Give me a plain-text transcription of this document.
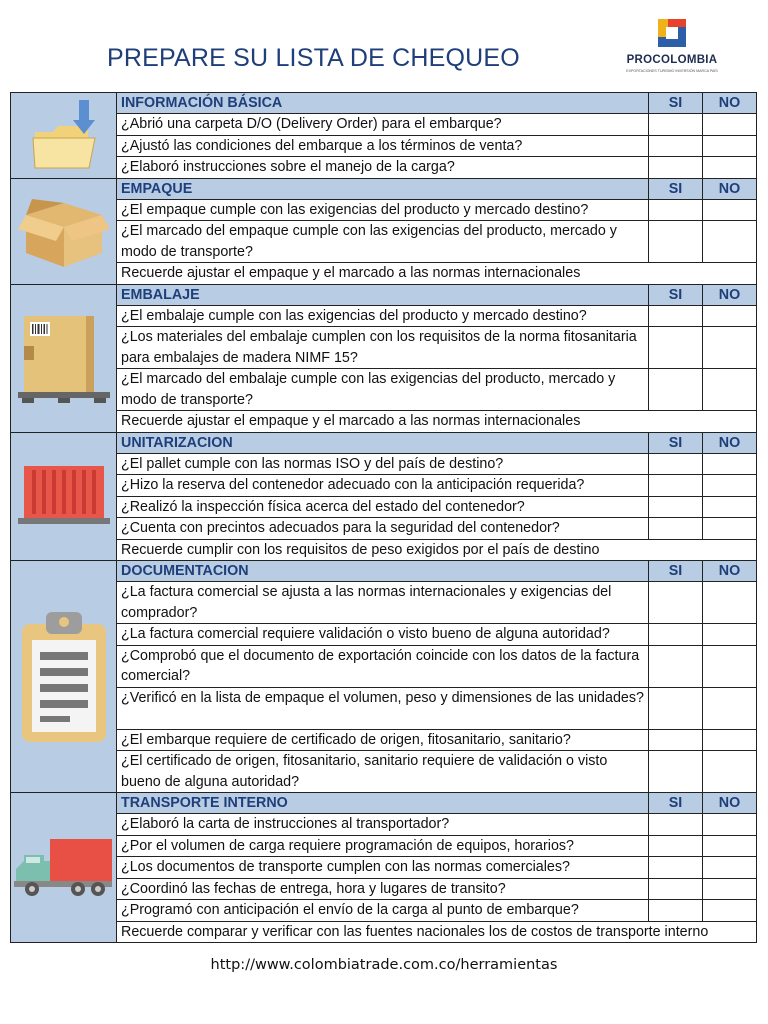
PREPARE SU LISTA DE CHEQUEO	PROCOLOMBIA
EXPORTACIONES TURISMO INVERSIÓN MARCA PAÍS
	INFORMACIÓN BÁSICA	SI	NO
	¿Abrió una carpeta D/O (Delivery Order) para el embarque?		
	¿Ajustó las condiciones del embarque a los términos de venta?		
	¿Elaboró instrucciones sobre el manejo de la carga?		

	EMPAQUE	SI	NO
	¿El empaque cumple con las exigencias del producto y mercado destino?		
	¿El marcado del empaque cumple con las exigencias del producto, mercado y modo de transporte?		
	Recuerde ajustar el empaque y el marcado a las normas internacionales		

	EMBALAJE	SI	NO
	¿El embalaje cumple con las exigencias del producto y mercado destino?		
	¿Los materiales del embalaje cumplen con los requisitos de la norma fitosanitaria para embalajes de madera NIMF 15?		
	¿El marcado del embalaje cumple con las exigencias del producto, mercado y modo de transporte?		
	Recuerde ajustar el empaque y el marcado a las normas internacionales		

	UNITARIZACION	SI	NO
	¿El pallet cumple con las normas ISO y del país de destino?		
	¿Hizo la reserva del contenedor adecuado con la anticipación requerida?		
	¿Realizó la inspección física acerca del estado del contenedor?		
	¿Cuenta con precintos adecuados para la seguridad del contenedor?		
	Recuerde cumplir con los requisitos de peso exigidos por el país de destino		

	DOCUMENTACION	SI	NO
	¿La factura comercial se ajusta a las normas internacionales y exigencias del comprador?		
	¿La factura comercial requiere validación o visto bueno de alguna autoridad?		
	¿Comprobó que el documento de exportación coincide con los datos de la factura comercial?		
	¿Verificó en la lista de empaque el volumen, peso y dimensiones de las unidades?		
	¿El embarque requiere de certificado de origen, fitosanitario, sanitario?		
	¿El certificado de origen, fitosanitario, sanitario requiere de validación o visto bueno de alguna autoridad?		

	TRANSPORTE INTERNO	SI	NO
	¿Elaboró la carta de instrucciones al transportador?		
	¿Por el volumen de carga requiere programación de equipos, horarios?		
	¿Los documentos de transporte cumplen con las normas comerciales?		
	¿Coordinó las fechas de entrega, hora y lugares de transito?		
	¿Programó con anticipación el envío de la carga al punto de embarque?		
	Recuerde comparar y verificar con las fuentes nacionales los de costos de transporte interno		
http://www.colombiatrade.com.co/herramientas
